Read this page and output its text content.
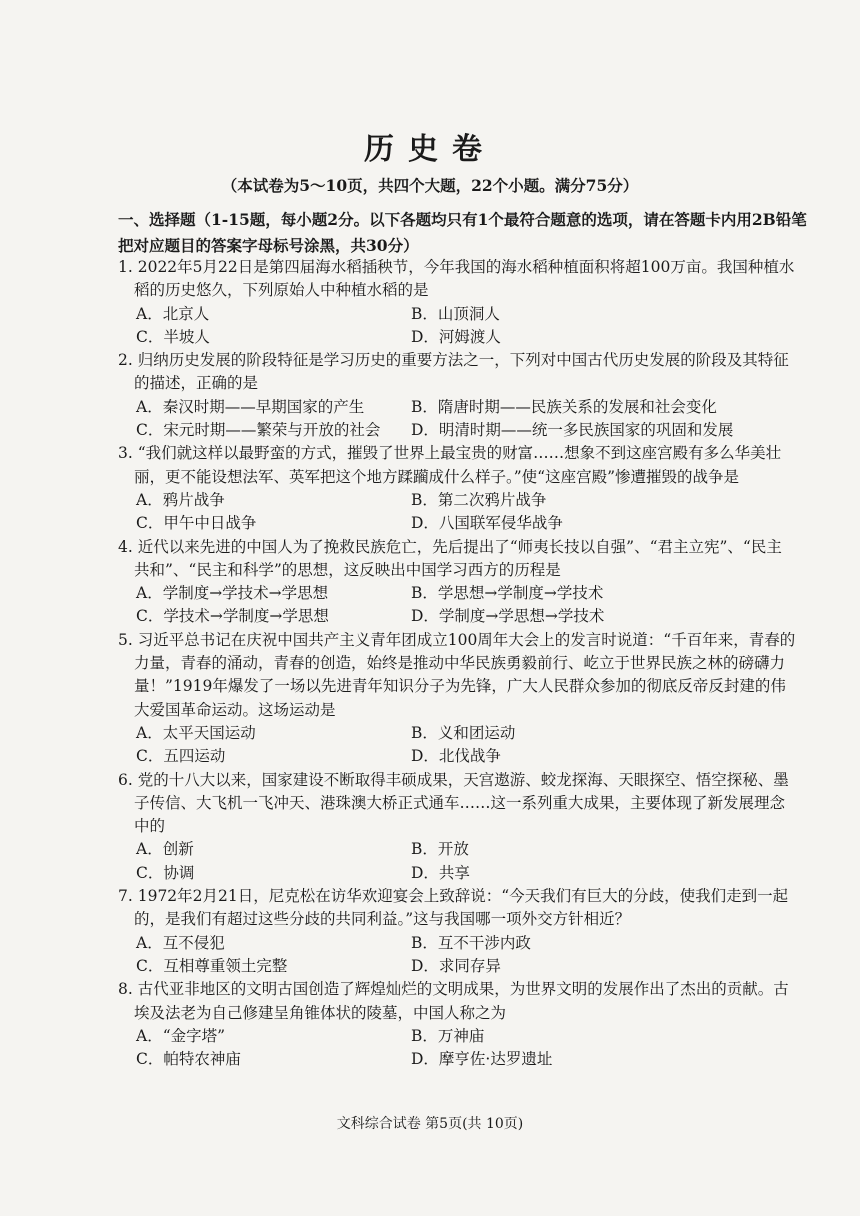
历史卷
（本试卷为5～10页，共四个大题，22个小题。满分75分）
一、选择题（1-15题，每小题2分。以下各题均只有1个最符合题意的选项，请在答题卡内用2B铅笔
把对应题目的答案字母标号涂黑，共30分）
1. 2022年5月22日是第四届海水稻插秧节，今年我国的海水稻种植面积将超100万亩。我国种植水
稻的历史悠久，下列原始人中种植水稻的是
A．北京人	B．山顶洞人
C．半坡人	D．河姆渡人
2. 归纳历史发展的阶段特征是学习历史的重要方法之一，下列对中国古代历史发展的阶段及其特征
的描述，正确的是
A．秦汉时期——早期国家的产生	B．隋唐时期——民族关系的发展和社会变化
C．宋元时期——繁荣与开放的社会	D．明清时期——统一多民族国家的巩固和发展
3. “我们就这样以最野蛮的方式，摧毁了世界上最宝贵的财富……想象不到这座宫殿有多么华美壮
丽，更不能设想法军、英军把这个地方蹂躏成什么样子。”使“这座宫殿”惨遭摧毁的战争是
A．鸦片战争	B．第二次鸦片战争
C．甲午中日战争	D．八国联军侵华战争
4. 近代以来先进的中国人为了挽救民族危亡，先后提出了“师夷长技以自强”、“君主立宪”、“民主
共和”、“民主和科学”的思想，这反映出中国学习西方的历程是
A．学制度→学技术→学思想	B．学思想→学制度→学技术
C．学技术→学制度→学思想	D．学制度→学思想→学技术
5. 习近平总书记在庆祝中国共产主义青年团成立100周年大会上的发言时说道：“千百年来，青春的
力量，青春的涌动，青春的创造，始终是推动中华民族勇毅前行、屹立于世界民族之林的磅礴力
量！”1919年爆发了一场以先进青年知识分子为先锋，广大人民群众参加的彻底反帝反封建的伟
大爱国革命运动。这场运动是
A．太平天国运动	B．义和团运动
C．五四运动	D．北伐战争
6. 党的十八大以来，国家建设不断取得丰硕成果，天宫遨游、蛟龙探海、天眼探空、悟空探秘、墨
子传信、大飞机一飞冲天、港珠澳大桥正式通车……这一系列重大成果，主要体现了新发展理念
中的
A．创新	B．开放
C．协调	D．共享
7. 1972年2月21日，尼克松在访华欢迎宴会上致辞说：“今天我们有巨大的分歧，使我们走到一起
的，是我们有超过这些分歧的共同利益。”这与我国哪一项外交方针相近？
A．互不侵犯	B．互不干涉内政
C．互相尊重领土完整	D．求同存异
8. 古代亚非地区的文明古国创造了辉煌灿烂的文明成果，为世界文明的发展作出了杰出的贡献。古
埃及法老为自己修建呈角锥体状的陵墓，中国人称之为
A．“金字塔”	B．万神庙
C．帕特农神庙	D．摩亨佐·达罗遗址
文科综合试卷 第5页(共 10页)
